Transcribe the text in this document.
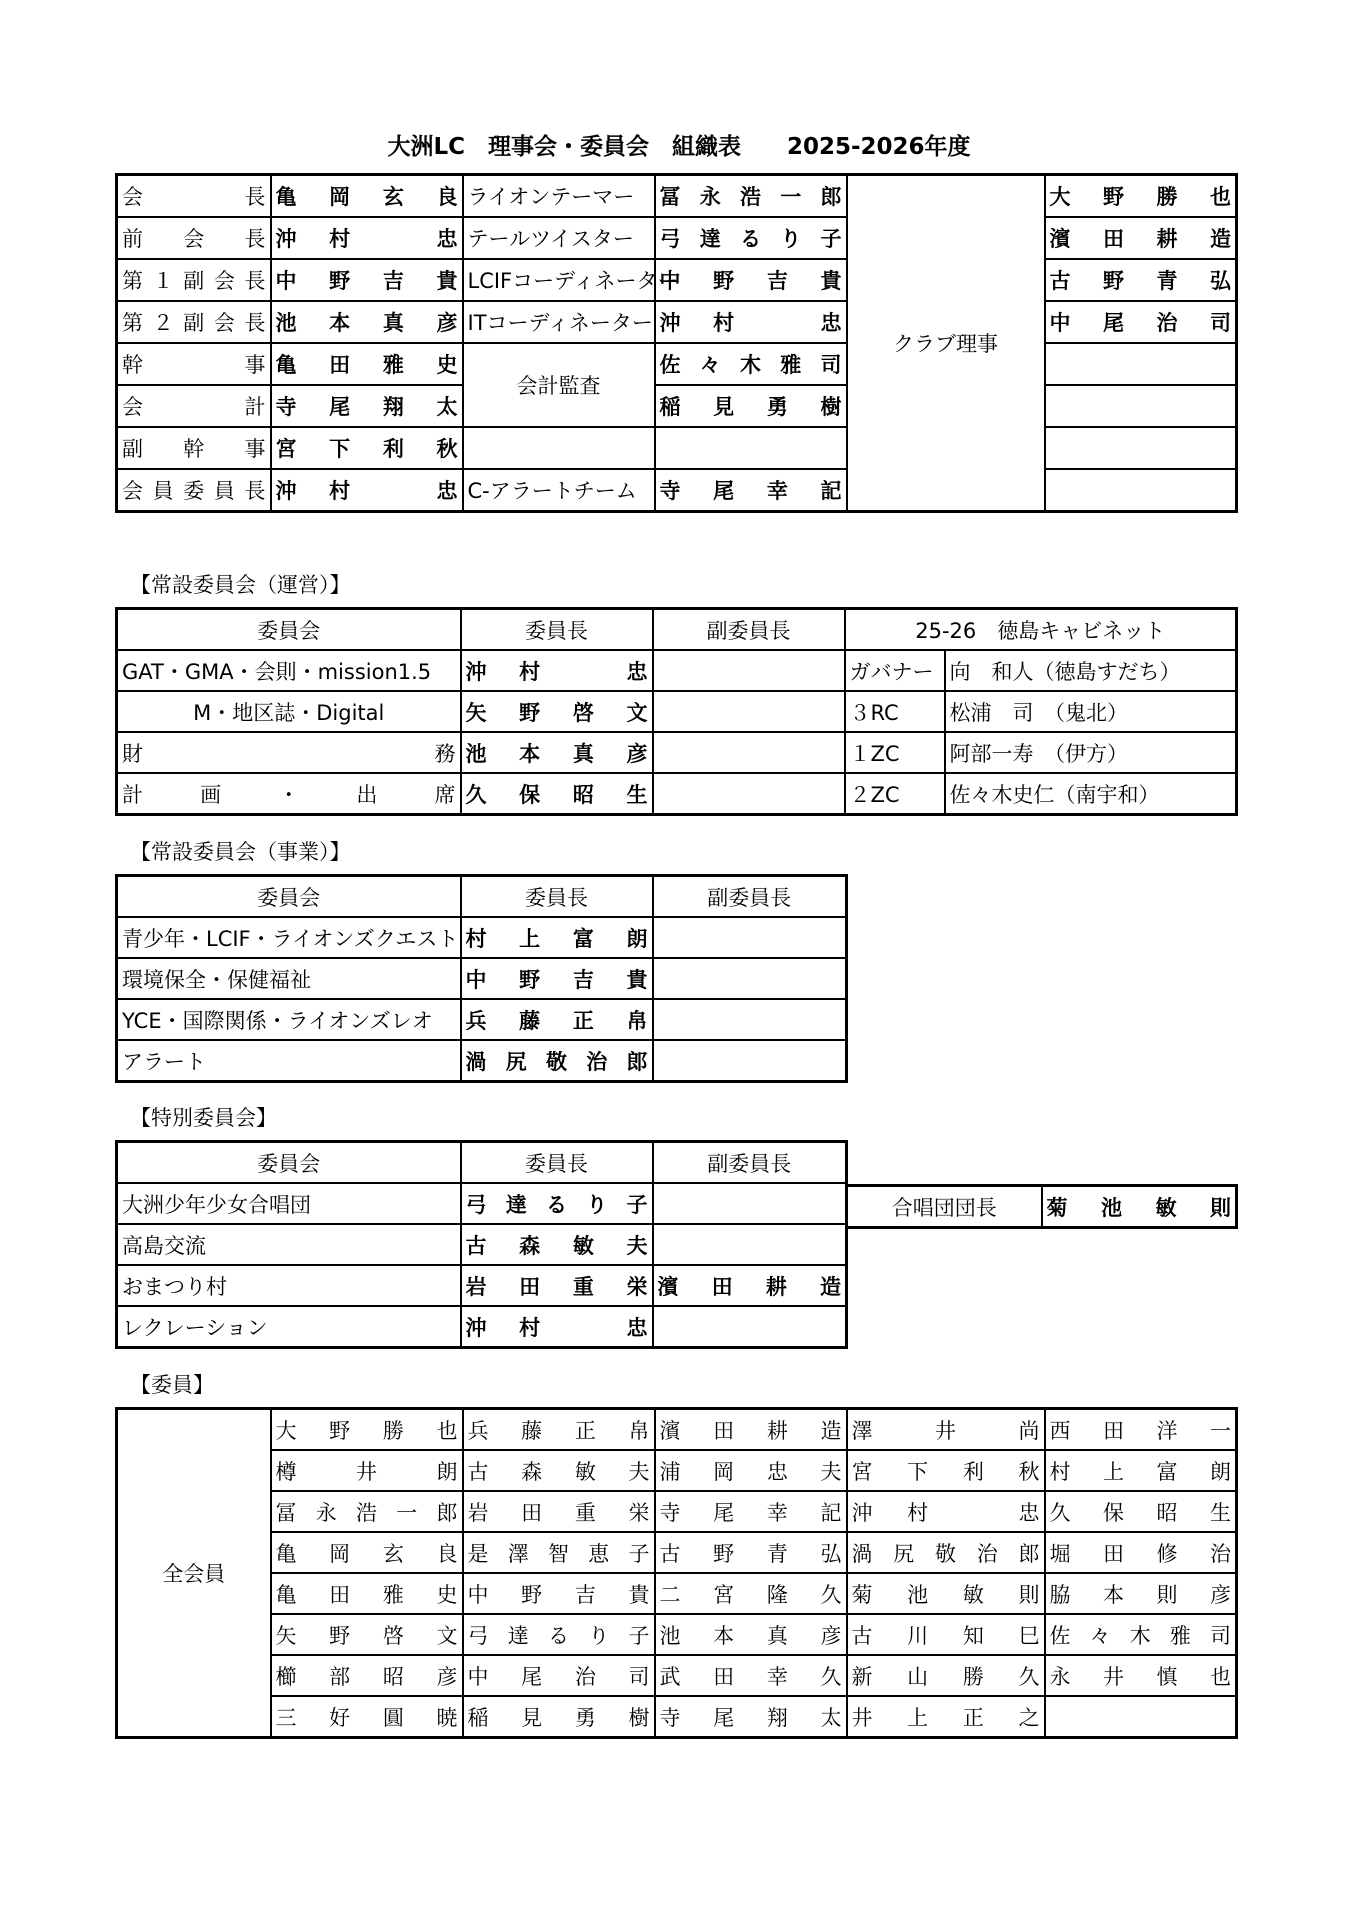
大洲LC　理事会・委員会　組織表　　2025-2026年度
会　　　長	亀岡玄良	ライオンテーマー	冨永浩一郎	クラブ理事	大野勝也
前　会　長	沖村　忠	テールツイスター	弓達るり子		濱田耕造
第１副会長	中野吉貴	LCIFコーディネーター	中野吉貴		古野青弘
第２副会長	池本真彦	ITコーディネーター	沖村　忠		中尾治司
幹　　　事	亀田雅史	会計監査	佐々木雅司		
会　　　計	寺尾翔太		稲見勇樹		
副　幹　事	宮下利秋				
会員委員長	沖村　忠	C-アラートチーム	寺尾幸記		
【常設委員会（運営）】
委員会	委員長	副委員長	25-26　徳島キャビネット	
GAT・GMA・会則・mission1.5	沖村　忠		ガバナー	向　和人（徳島すだち）
M・地区誌・Digital	矢野啓文		３RC	松浦　司　（鬼北）
財　　　　　務	池本真彦		１ZC	阿部一寿　（伊方）
計　画　・　出　席	久保昭生		２ZC	佐々木史仁（南宇和）
【常設委員会（事業）】
委員会	委員長	副委員長
青少年・LCIF・ライオンズクエスト	村上富朗	
環境保全・保健福祉	中野吉貴	
YCE・国際関係・ライオンズレオ	兵藤正帛	
アラート	渦尻敬治郎	
【特別委員会】
委員会	委員長	副委員長
大洲少年少女合唱団	弓達るり子	
高島交流	古森敏夫	
おまつり村	岩田重栄	濱田耕造
レクレーション	沖村　忠	
合唱団団長	菊池敏則
【委員】
全会員	大野勝也	兵藤正帛	濱田耕造	澤　井　尚	西田洋一
	樽　井　朗	古森敏夫	浦岡忠夫	宮下利秋	村上富朗
	冨永浩一郎	岩田重栄	寺尾幸記	沖村　忠	久保昭生
	亀岡玄良	是澤智恵子	古野青弘	渦尻敬治郎	堀田修治
	亀田雅史	中野吉貴	二宮隆久	菊池敏則	脇本則彦
	矢野啓文	弓達るり子	池本真彦	古川知巳	佐々木雅司
	櫛部昭彦	中尾治司	武田幸久	新山勝久	永井慎也
	三好圓暁	稲見勇樹	寺尾翔太	井上正之	
